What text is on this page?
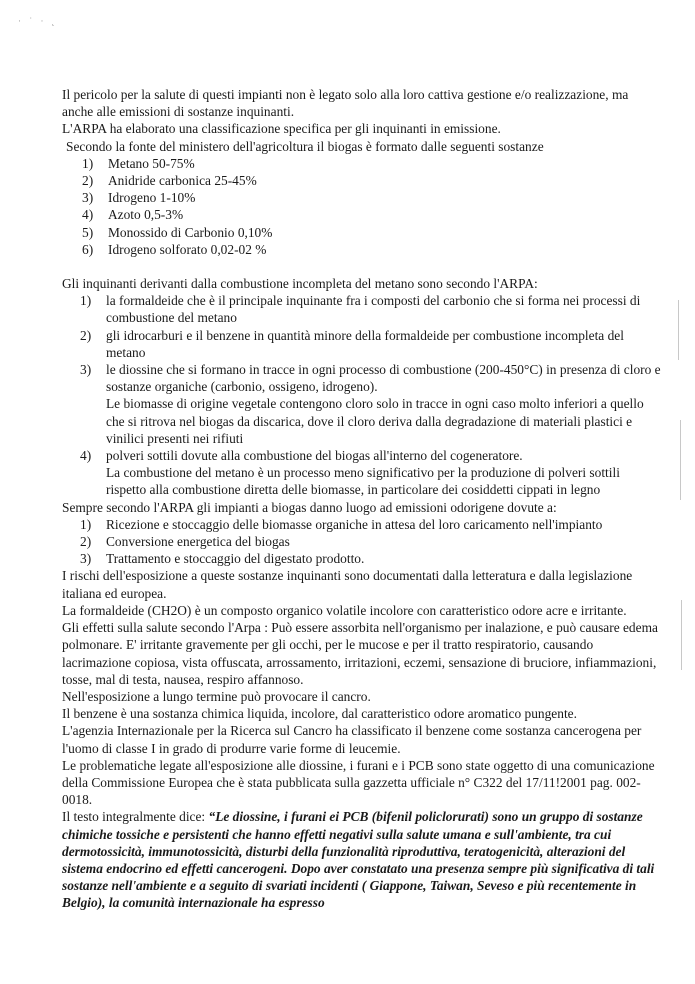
· ˙ · ˛

Il pericolo per la salute di questi impianti non è legato solo alla loro cattiva gestione e/o realizzazione, ma anche alle emissioni di sostanze inquinanti.

L'ARPA ha elaborato una classificazione specifica per gli inquinanti in emissione.

Secondo la fonte del ministero dell'agricoltura il biogas è formato dalle seguenti sostanze

1)	Metano 50-75%
2)	Anidride carbonica 25-45%
3)	Idrogeno 1-10%
4)	Azoto 0,5-3%
5)	Monossido di Carbonio 0,10%
6)	Idrogeno solforato 0,02-02 %

Gli inquinanti derivanti dalla combustione incompleta del metano sono secondo l'ARPA:

1)	la formaldeide che è il principale inquinante fra i composti del carbonio che si forma nei processi di combustione del metano
2)	gli idrocarburi e il benzene in quantità minore della formaldeide per combustione incompleta del metano
3)	le diossine che si formano in tracce in ogni processo di combustione (200-450°C) in presenza di cloro e sostanze organiche (carbonio, ossigeno, idrogeno).
Le biomasse di origine vegetale contengono cloro solo in tracce in ogni caso molto inferiori a quello che si ritrova nel biogas da discarica, dove il cloro deriva dalla degradazione di materiali plastici e vinilici presenti nei rifiuti
4)	polveri sottili dovute alla combustione del biogas all'interno del cogeneratore.
La combustione del metano è un processo meno significativo per la produzione di polveri sottili rispetto alla combustione diretta delle biomasse, in particolare dei cosiddetti cippati in legno

Sempre secondo l'ARPA gli impianti a biogas danno luogo ad emissioni odorigene dovute a:

1)	Ricezione e stoccaggio delle biomasse organiche in attesa del loro caricamento nell'impianto
2)	Conversione energetica del biogas
3)	Trattamento e stoccaggio del digestato prodotto.

I rischi dell'esposizione a queste sostanze inquinanti sono documentati dalla letteratura e dalla legislazione italiana ed europea.

La formaldeide (CH2O) è un composto organico volatile incolore con caratteristico odore acre e irritante.

Gli effetti sulla salute secondo l'Arpa : Può essere assorbita nell'organismo per inalazione, e può causare edema polmonare. E' irritante gravemente per gli occhi, per le mucose e per il tratto respiratorio, causando lacrimazione copiosa, vista offuscata, arrossamento, irritazioni, eczemi, sensazione di bruciore, infiammazioni, tosse, mal di testa, nausea, respiro affannoso.

Nell'esposizione a lungo termine può provocare il cancro.

Il benzene è una sostanza chimica liquida, incolore, dal caratteristico odore aromatico pungente.

L'agenzia Internazionale per la Ricerca sul Cancro ha classificato il benzene come sostanza cancerogena per l'uomo di classe I in grado di produrre varie forme di leucemie.

Le problematiche legate all'esposizione alle diossine, i furani e i PCB sono state oggetto di una comunicazione della Commissione Europea che è stata pubblicata sulla gazzetta ufficiale n° C322 del 17/11!2001 pag. 002-0018.

Il testo integralmente dice: “Le diossine, i furani ei PCB (bifenil policlorurati) sono un gruppo di sostanze chimiche tossiche e persistenti che hanno effetti negativi sulla salute umana e sull'ambiente, tra cui dermotossicità, immunotossicità, disturbi della funzionalità riproduttiva, teratogenicità, alterazioni del sistema endocrino ed effetti cancerogeni. Dopo aver constatato una presenza sempre più significativa di tali sostanze nell'ambiente e a seguito di svariati incidenti ( Giappone, Taiwan, Seveso e più recentemente in Belgio), la comunità internazionale ha espresso
